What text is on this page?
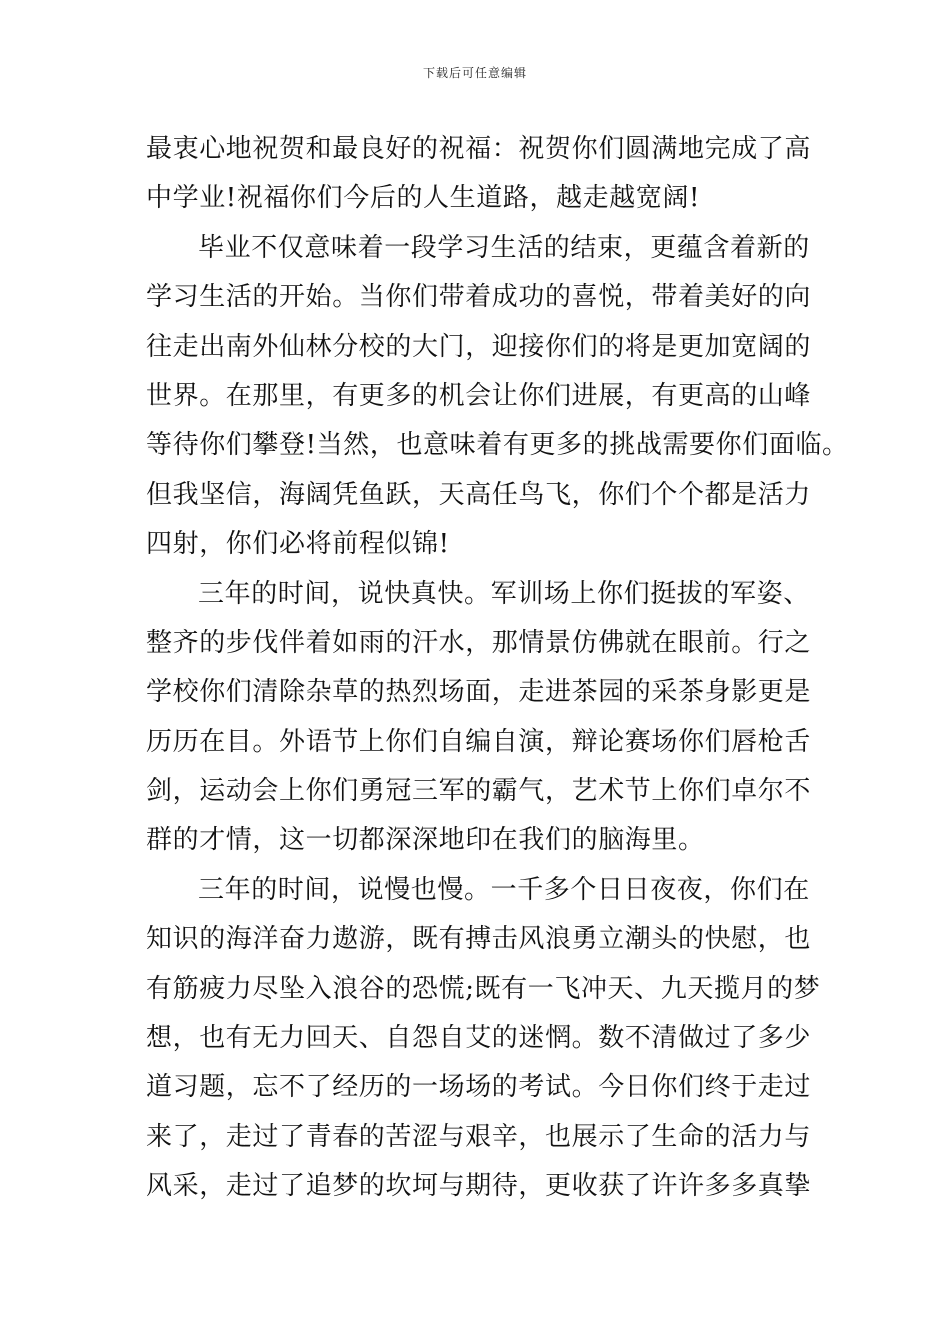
下载后可任意编辑
最衷心地祝贺和最良好的祝福：祝贺你们圆满地完成了高
中学业!祝福你们今后的人生道路，越走越宽阔!
毕业不仅意味着一段学习生活的结束，更蕴含着新的
学习生活的开始。当你们带着成功的喜悦，带着美好的向
往走出南外仙林分校的大门，迎接你们的将是更加宽阔的
世界。在那里，有更多的机会让你们进展，有更高的山峰
等待你们攀登!当然，也意味着有更多的挑战需要你们面临。
但我坚信，海阔凭鱼跃，天高任鸟飞，你们个个都是活力
四射，你们必将前程似锦!
三年的时间，说快真快。军训场上你们挺拔的军姿、
整齐的步伐伴着如雨的汗水，那情景仿佛就在眼前。行之
学校你们清除杂草的热烈场面，走进茶园的采茶身影更是
历历在目。外语节上你们自编自演，辩论赛场你们唇枪舌
剑，运动会上你们勇冠三军的霸气，艺术节上你们卓尔不
群的才情，这一切都深深地印在我们的脑海里。
三年的时间，说慢也慢。一千多个日日夜夜，你们在
知识的海洋奋力遨游，既有搏击风浪勇立潮头的快慰，也
有筋疲力尽坠入浪谷的恐慌;既有一飞冲天、九天揽月的梦
想，也有无力回天、自怨自艾的迷惘。数不清做过了多少
道习题，忘不了经历的一场场的考试。今日你们终于走过
来了，走过了青春的苦涩与艰辛，也展示了生命的活力与
风采，走过了追梦的坎坷与期待，更收获了许许多多真挚
